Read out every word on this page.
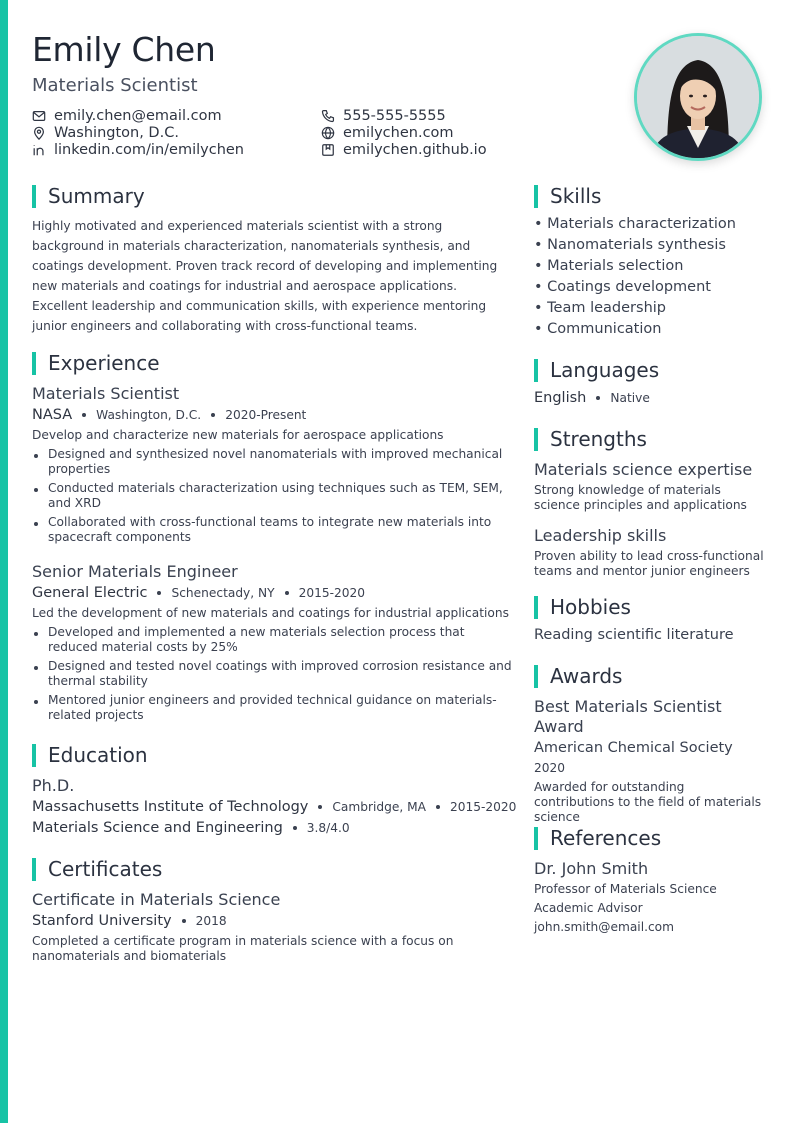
Emily Chen
Materials Scientist
emily.chen@email.com	555-555-5555
Washington, D.C.	emilychen.com
linkedin.com/in/emilychen	emilychen.github.io
Summary
Highly motivated and experienced materials scientist with a strong background in materials characterization, nanomaterials synthesis, and coatings development. Proven track record of developing and implementing new materials and coatings for industrial and aerospace applications. Excellent leadership and communication skills, with experience mentoring junior engineers and collaborating with cross-functional teams.
Experience
Materials Scientist
NASA Washington, D.C. 2020-Present
Develop and characterize new materials for aerospace applications
Designed and synthesized novel nanomaterials with improved mechanical properties
Conducted materials characterization using techniques such as TEM, SEM, and XRD
Collaborated with cross-functional teams to integrate new materials into spacecraft components
Senior Materials Engineer
General Electric Schenectady, NY 2015-2020
Led the development of new materials and coatings for industrial applications
Developed and implemented a new materials selection process that reduced material costs by 25%
Designed and tested novel coatings with improved corrosion resistance and thermal stability
Mentored junior engineers and provided technical guidance on materials-related projects
Education
Ph.D.
Massachusetts Institute of Technology Cambridge, MA 2015-2020
Materials Science and Engineering 3.8/4.0
Certificates
Certificate in Materials Science
Stanford University 2018
Completed a certificate program in materials science with a focus on nanomaterials and biomaterials
Skills
• Materials characterization
• Nanomaterials synthesis
• Materials selection
• Coatings development
• Team leadership
• Communication
Languages
English Native
Strengths
Materials science expertise
Strong knowledge of materials science principles and applications
Leadership skills
Proven ability to lead cross-functional teams and mentor junior engineers
Hobbies
Reading scientific literature
Awards
Best Materials Scientist Award
American Chemical Society
2020
Awarded for outstanding contributions to the field of materials science
References
Dr. John Smith
Professor of Materials Science
Academic Advisor
john.smith@email.com
